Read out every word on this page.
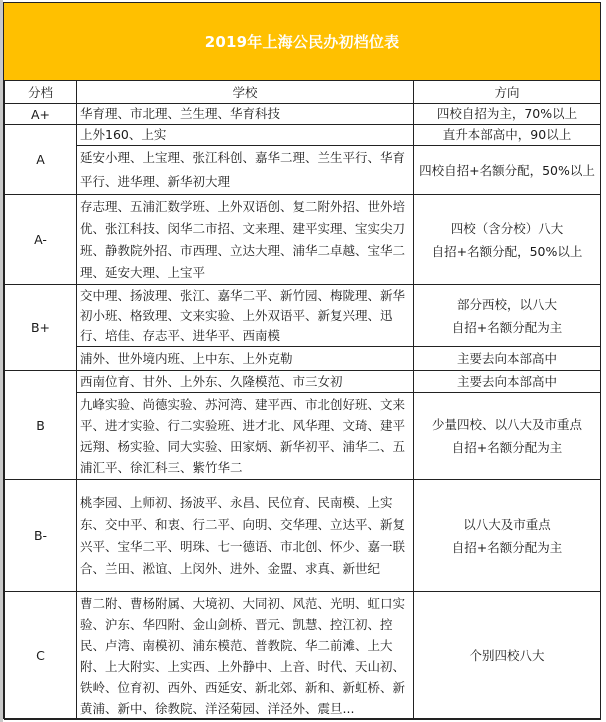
2019年上海公民办初档位表
分档	学校	方向
A+	华育理、市北理、兰生理、华育科技	四校自招为主，70%以上

A	上外160、上实	直升本部高中，90以上

	延安小理、上宝理、张江科创、嘉华二理、兰生平行、华育平行、进华理、新华初大理	四校自招+名额分配，50%以上

A-	存志理、五浦汇数学班、上外双语创、复二附外招、世外培优、张江科技、闵华二市招、文来理、建平实理、宝实尖刀班、静教院外招、市西理、立达大理、浦华二卓越、宝华二理、延安大理、上宝平	四校（含分校）八大
自招+名额分配，50%以上

B+	交中理、扬波理、张江、嘉华二平、新竹园、梅陇理、新华初小班、格致理、文来实验、上外双语平、新复兴理、迅行、培佳、存志平、进华平、西南模	部分西校，以八大
自招+名额分配为主

	浦外、世外境内班、上中东、上外克勒	主要去向本部高中

B	西南位育、甘外、上外东、久隆模范、市三女初	主要去向本部高中

	九峰实验、尚德实验、苏河湾、建平西、市北创好班、文来平、进才实验、行二实验班、进才北、风华理、文琦、建平远翔、杨实验、同大实验、田家炳、新华初平、浦华二、五浦汇平、徐汇科三、紫竹华二	少量四校、以八大及市重点
自招+名额分配为主

B-	桃李园、上师初、扬波平、永昌、民位育、民南模、上实东、交中平、和衷、行二平、向明、交华理、立达平、新复兴平、宝华二平、明珠、七一德语、市北创、怀少、嘉一联合、兰田、淞谊、上闵外、进外、金盟、求真、新世纪	以八大及市重点
自招+名额分配为主

C	曹二附、曹杨附属、大境初、大同初、风范、光明、虹口实验、沪东、华四附、金山剑桥、晋元、凯慧、控江初、控民、卢湾、南模初、浦东模范、普教院、华二前滩、上大附、上大附实、上实西、上外静中、上音、时代、天山初、铁岭、位育初、西外、西延安、新北郊、新和、新虹桥、新黄浦、新中、徐教院、洋泾菊园、洋泾外、震旦...	个别四校八大
